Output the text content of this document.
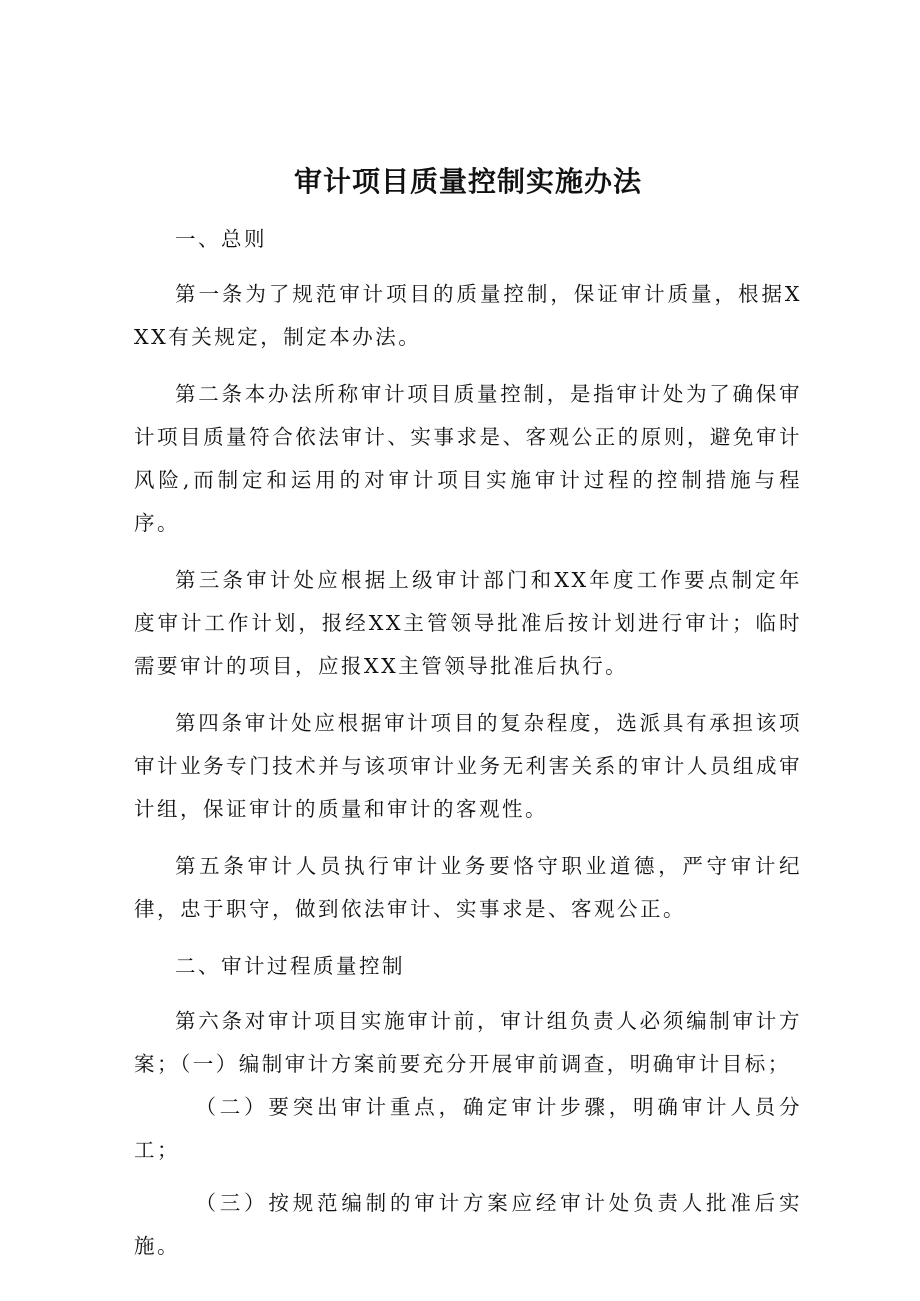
审计项目质量控制实施办法

一、总则

第一条为了规范审计项目的质量控制，保证审计质量，根据XXX有关规定，制定本办法。

第二条本办法所称审计项目质量控制，是指审计处为了确保审计项目质量符合依法审计、实事求是、客观公正的原则，避免审计风险,而制定和运用的对审计项目实施审计过程的控制措施与程序。

第三条审计处应根据上级审计部门和XX年度工作要点制定年度审计工作计划，报经XX主管领导批准后按计划进行审计；临时需要审计的项目，应报XX主管领导批准后执行。

第四条审计处应根据审计项目的复杂程度，选派具有承担该项审计业务专门技术并与该项审计业务无利害关系的审计人员组成审计组，保证审计的质量和审计的客观性。

第五条审计人员执行审计业务要恪守职业道德，严守审计纪律，忠于职守，做到依法审计、实事求是、客观公正。

二、审计过程质量控制

第六条对审计项目实施审计前，审计组负责人必须编制审计方案；（一）编制审计方案前要充分开展审前调查，明确审计目标；

（二）要突出审计重点，确定审计步骤，明确审计人员分工；

（三）按规范编制的审计方案应经审计处负责人批准后实施。
